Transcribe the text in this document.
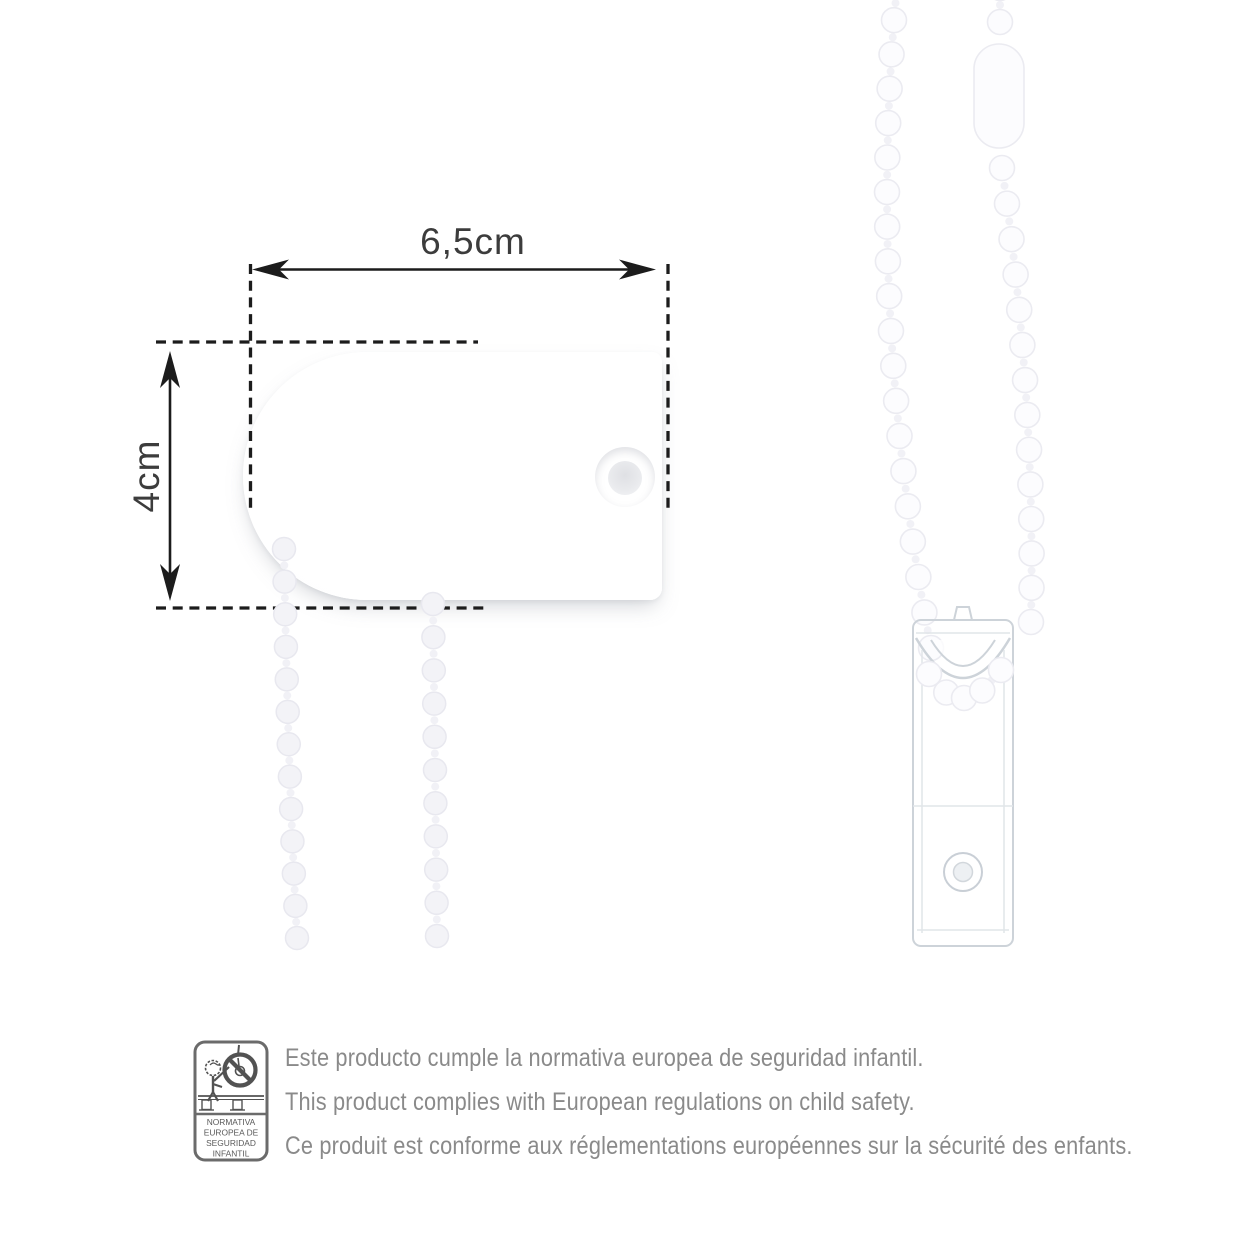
6,5cm
4cm
NORMATIVA
EUROPEA DE
SEGURIDAD
INFANTIL
Este producto cumple la normativa europea de seguridad infantil.
This product complies with European regulations on child safety.
Ce produit est conforme aux réglementations européennes sur la sécurité des enfants.
